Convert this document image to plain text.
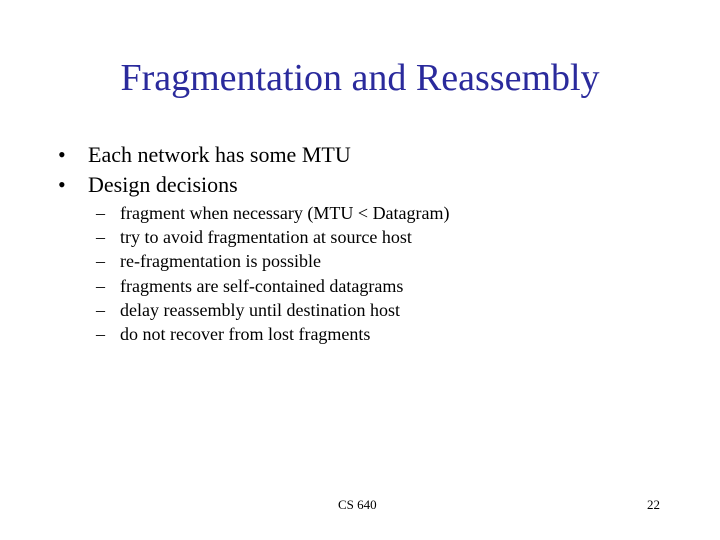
Fragmentation and Reassembly
•	Each network has some MTU
•	Design decisions
– fragment when necessary (MTU < Datagram)
– try to avoid fragmentation at source host
– re-fragmentation is possible
– fragments are self-contained datagrams
– delay reassembly until destination host
– do not recover from lost fragments
CS 640	22
